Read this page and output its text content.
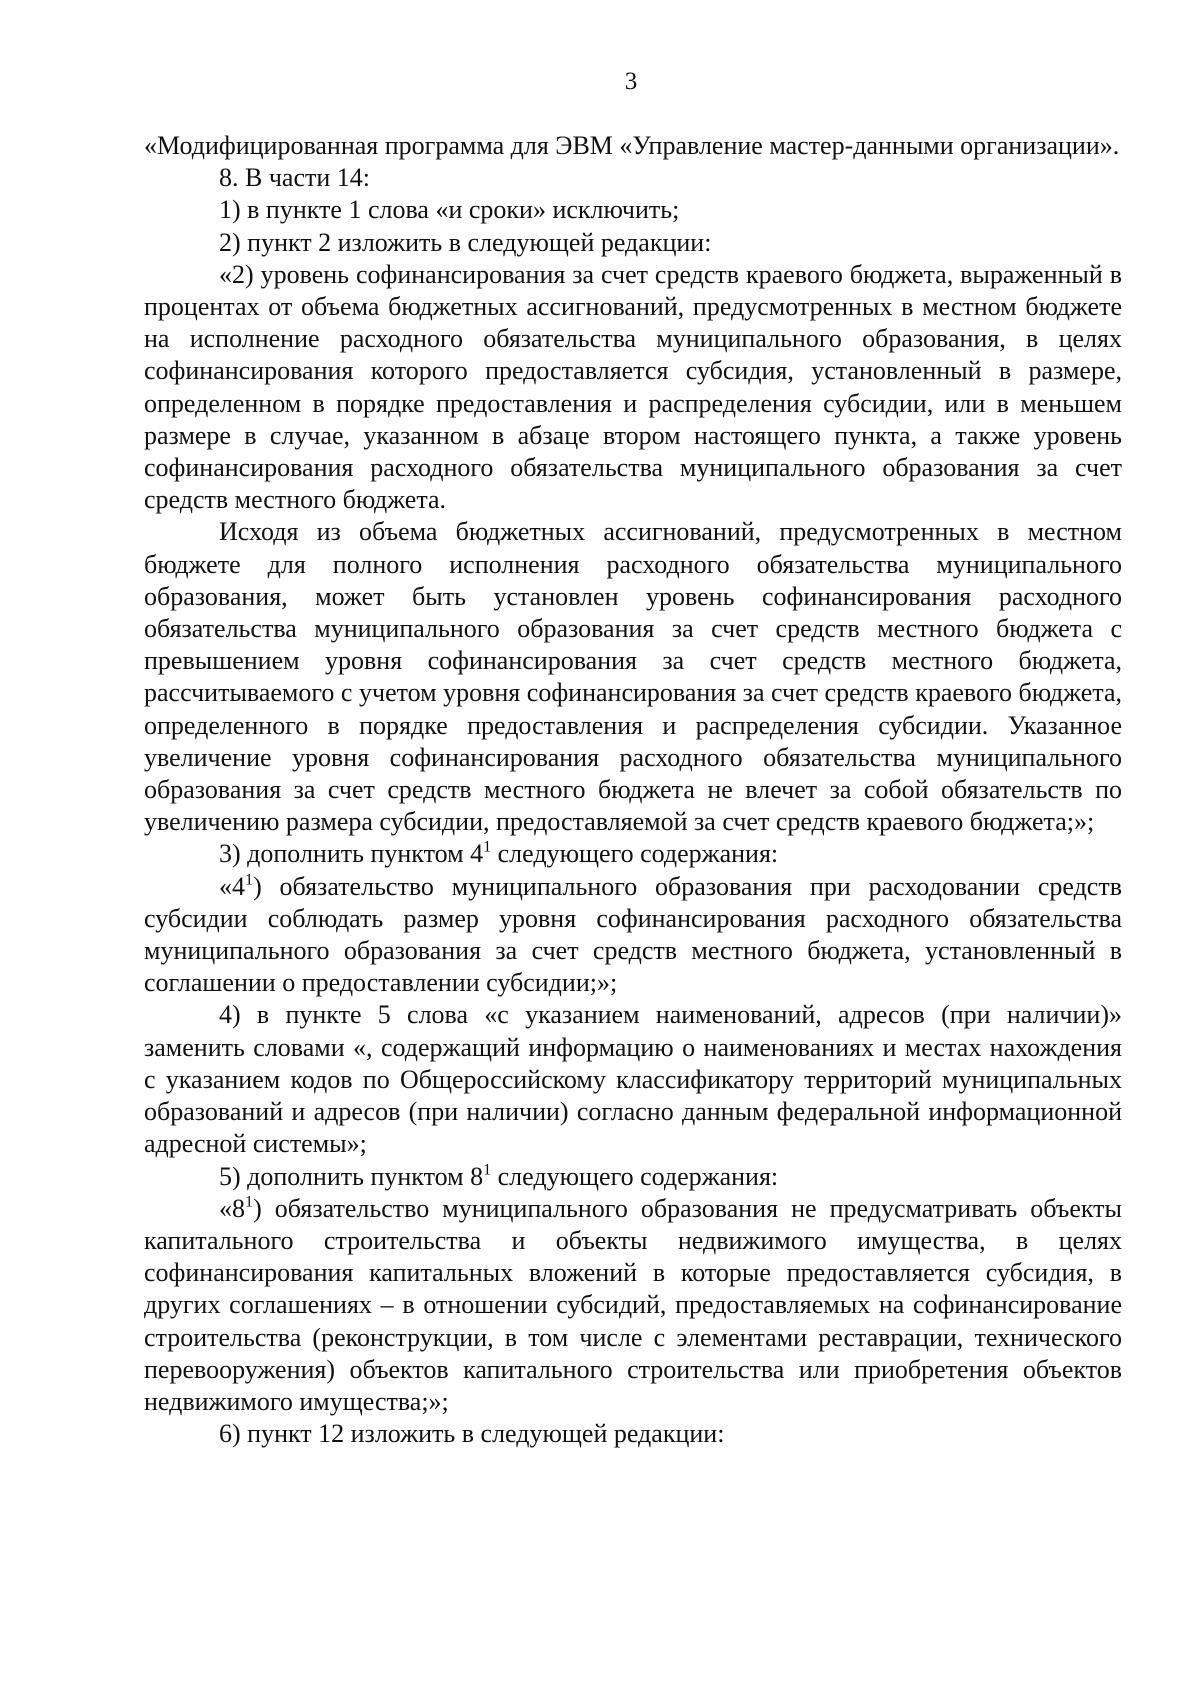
3

«Модифицированная программа для ЭВМ «Управление мастер-данными организации».

8. В части 14:

1) в пункте 1 слова «и сроки» исключить;

2) пункт 2 изложить в следующей редакции:

«2) уровень софинансирования за счет средств краевого бюджета, выраженный в процентах от объема бюджетных ассигнований, предусмотренных в местном бюджете на исполнение расходного обязательства муниципального образования, в целях софинансирования которого предоставляется субсидия, установленный в размере, определенном в порядке предоставления и распределения субсидии, или в меньшем размере в случае, указанном в абзаце втором настоящего пункта, а также уровень софинансирования расходного обязательства муниципального образования за счет средств местного бюджета.

Исходя из объема бюджетных ассигнований, предусмотренных в местном бюджете для полного исполнения расходного обязательства муниципального образования, может быть установлен уровень софинансирования расходного обязательства муниципального образования за счет средств местного бюджета с превышением уровня софинансирования за счет средств местного бюджета, рассчитываемого с учетом уровня софинансирования за счет средств краевого бюджета, определенного в порядке предоставления и распределения субсидии. Указанное увеличение уровня софинансирования расходного обязательства муниципального образования за счет средств местного бюджета не влечет за собой обязательств по увеличению размера субсидии, предоставляемой за счет средств краевого бюджета;»;

3) дополнить пунктом $4^1$ следующего содержания:

«$4^1$) обязательство муниципального образования при расходовании средств субсидии соблюдать размер уровня софинансирования расходного обязательства муниципального образования за счет средств местного бюджета, установленный в соглашении о предоставлении субсидии;»;

4) в пункте 5 слова «с указанием наименований, адресов (при наличии)» заменить словами «, содержащий информацию о наименованиях и местах нахождения с указанием кодов по Общероссийскому классификатору территорий муниципальных образований и адресов (при наличии) согласно данным федеральной информационной адресной системы»;

5) дополнить пунктом $8^1$ следующего содержания:

«$8^1$) обязательство муниципального образования не предусматривать объекты капитального строительства и объекты недвижимого имущества, в целях софинансирования капитальных вложений в которые предоставляется субсидия, в других соглашениях – в отношении субсидий, предоставляемых на софинансирование строительства (реконструкции, в том числе с элементами реставрации, технического перевооружения) объектов капитального строительства или приобретения объектов недвижимого имущества;»;

6) пункт 12 изложить в следующей редакции:
